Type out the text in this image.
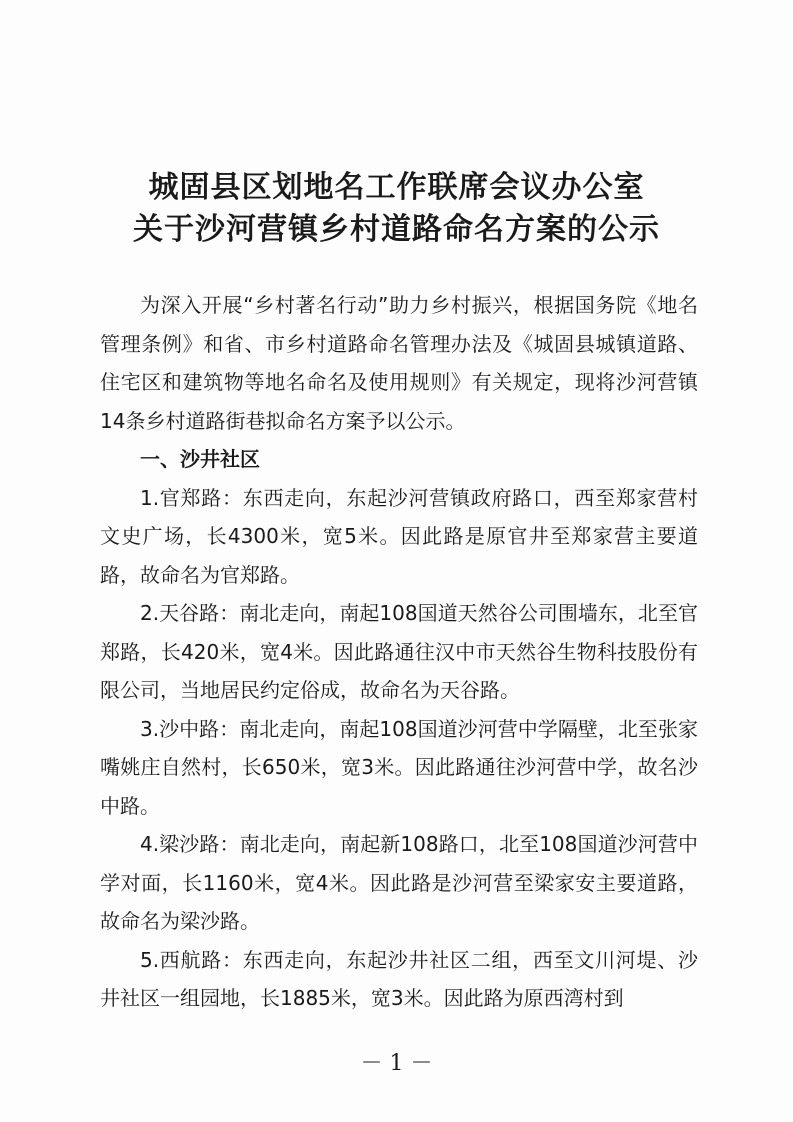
城固县区划地名工作联席会议办公室
关于沙河营镇乡村道路命名方案的公示

为深入开展“乡村著名行动”助力乡村振兴，根据国务院《地名管理条例》和省、市乡村道路命名管理办法及《城固县城镇道路、住宅区和建筑物等地名命名及使用规则》有关规定，现将沙河营镇14条乡村道路街巷拟命名方案予以公示。

一、沙井社区

1.官郑路：东西走向，东起沙河营镇政府路口，西至郑家营村文史广场，长4300米，宽5米。因此路是原官井至郑家营主要道路，故命名为官郑路。

2.天谷路：南北走向，南起108国道天然谷公司围墙东，北至官郑路，长420米，宽4米。因此路通往汉中市天然谷生物科技股份有限公司，当地居民约定俗成，故命名为天谷路。

3.沙中路：南北走向，南起108国道沙河营中学隔壁，北至张家嘴姚庄自然村，长650米，宽3米。因此路通往沙河营中学，故名沙中路。

4.梁沙路：南北走向，南起新108路口，北至108国道沙河营中学对面，长1160米，宽4米。因此路是沙河营至梁家安主要道路，故命名为梁沙路。

5.西航路：东西走向，东起沙井社区二组，西至文川河堤、沙井社区一组园地，长1885米，宽3米。因此路为原西湾村到

－ 1 －
